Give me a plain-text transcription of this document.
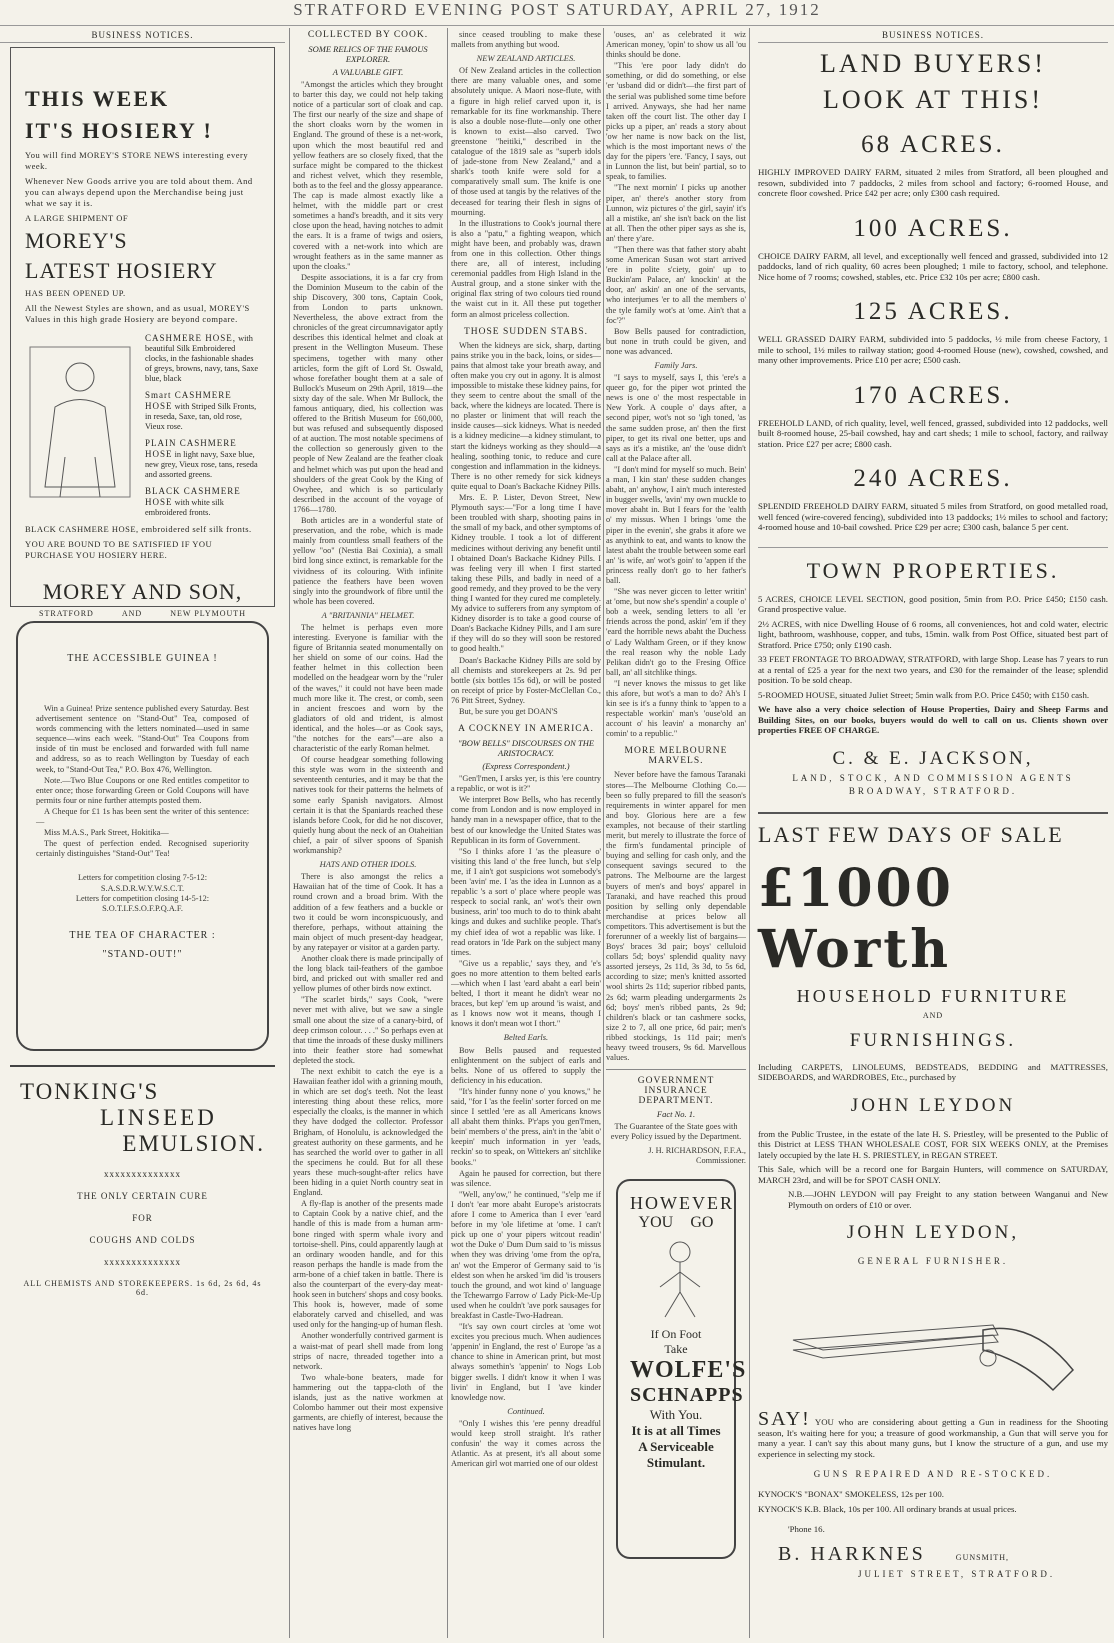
STRATFORD EVENING POST SATURDAY, APRIL 27, 1912
BUSINESS NOTICES.
THIS WEEK
IT'S HOSIERY !
You will find MOREY'S STORE NEWS interesting every week.
Whenever New Goods arrive you are told about them. And you can always depend upon the Merchandise being just what we say it is.
A LARGE SHIPMENT OF
MOREY'S
LATEST HOSIERY
HAS BEEN OPENED UP.
All the Newest Styles are shown, and as usual, MOREY'S Values in this high grade Hosiery are beyond compare.
CASHMERE HOSE, with beautiful Silk Embroidered clocks, in the fashionable shades of greys, browns, navy, tans, Saxe blue, black
Smart CASHMERE HOSE with Striped Silk Fronts, in reseda, Saxe, tan, old rose, Vieux rose.
PLAIN CASHMERE HOSE in light navy, Saxe blue, new grey, Vieux rose, tans, reseda and assorted greens.
BLACK CASHMERE HOSE with white silk embroidered fronts.
BLACK CASHMERE HOSE, embroidered self silk fronts.
YOU ARE BOUND TO BE SATISFIED IF YOU PURCHASE YOU HOSIERY HERE.
MOREY AND SON,
STRATFORD	AND	NEW PLYMOUTH
THE ACCESSIBLE GUINEA !

Win a Guinea! Prize sentence published every Saturday. Best advertisement sentence on "Stand-Out" Tea, composed of words commencing with the letters nominated—used in same sequence—wins each week. "Stand-Out" Tea Coupons from inside of tin must be enclosed and forwarded with full name and address, so as to reach Wellington by Tuesday of each week, to "Stand-Out Tea," P.O. Box 476, Wellington.

Note.—Two Blue Coupons or one Red entitles competitor to enter once; those forwarding Green or Gold Coupons will have permits four or nine further attempts posted them.

A Cheque for £1 1s has been sent the writer of this sentence:—

Miss M.A.S., Park Street, Hokitika—

The quest of perfection ended. Recognised superiority certainly distinguishes "Stand-Out" Tea!

Letters for competition closing 7-5-12: S.A.S.D.R.W.Y.W.S.C.T.
Letters for competition closing 14-5-12: S.O.T.I.F.S.O.F.P.Q.A.F.
THE TEA OF CHARACTER :
"STAND-OUT!"
TONKING'S
LINSEED
EMULSION.
xxxxxxxxxxxxxx
THE ONLY CERTAIN CURE
FOR
COUGHS AND COLDS
xxxxxxxxxxxxxx
ALL CHEMISTS AND STOREKEEPERS. 1s 6d, 2s 6d, 4s 6d.
COLLECTED BY COOK.
SOME RELICS OF THE FAMOUS EXPLORER.
A VALUABLE GIFT.

"Amongst the articles which they brought to barter this day, we could not help taking notice of a particular sort of cloak and cap. The first our nearly of the size and shape of the short cloaks worn by the women in England. The ground of these is a net-work, upon which the most beautiful red and yellow feathers are so closely fixed, that the surface might be compared to the thickest and richest velvet, which they resemble, both as to the feel and the glossy appearance. The cap is made almost exactly like a helmet, with the middle part or crest sometimes a hand's breadth, and it sits very close upon the head, having notches to admit the ears. It is a frame of twigs and osiers, covered with a net-work into which are wrought feathers as in the same manner as upon the cloaks."

Despite associations, it is a far cry from the Dominion Museum to the cabin of the ship Discovery, 300 tons, Captain Cook, from London to parts unknown. Nevertheless, the above extract from the chronicles of the great circumnavigator aptly describes this identical helmet and cloak at present in the Wellington Museum. These specimens, together with many other articles, form the gift of Lord St. Oswald, whose forefather bought them at a sale of Bullock's Museum on 29th April, 1819—the sixty day of the sale. When Mr Bullock, the famous antiquary, died, his collection was offered to the British Museum for £60,000, but was refused and subsequently disposed of at auction. The most notable specimens of the collection so generously given to the people of New Zealand are the feather cloak and helmet which was put upon the head and shoulders of the great Cook by the King of Owyhee, and which is so particularly described in the account of the voyage of 1766—1780.

Both articles are in a wonderful state of preservation, and the robe, which is made mainly from countless small feathers of the yellow "oo" (Nestia Bai Coxinia), a small bird long since extinct, is remarkable for the vividness of its colouring. With infinite patience the feathers have been woven singly into the groundwork of fibre until the whole has been covered.

A "BRITANNIA" HELMET.

The helmet is perhaps even more interesting. Everyone is familiar with the figure of Britannia seated monumentally on her shield on some of our coins. Had the feather helmet in this collection been modelled on the headgear worn by the "ruler of the waves," it could not have been made much more like it. The crest, or comb, seen in ancient frescoes and worn by the gladiators of old and trident, is almost identical, and the holes—or as Cook says, "the notches for the ears"—are also a characteristic of the early Roman helmet.

Of course headgear something following this style was worn in the sixteenth and seventeenth centuries, and it may be that the natives took for their patterns the helmets of some early Spanish navigators. Almost certain it is that the Spaniards reached these islands before Cook, for did he not discover, quietly hung about the neck of an Otaheitian chief, a pair of silver spoons of Spanish workmanship?

HATS AND OTHER IDOLS.

There is also amongst the relics a Hawaiian hat of the time of Cook. It has a round crown and a broad brim. With the addition of a few feathers and a buckle or two it could be worn inconspicuously, and therefore, perhaps, without attaining the main object of much present-day headgear, by any ratepayer or visitor at a garden party.

Another cloak there is made principally of the long black tail-feathers of the gamboe bird, and pricked out with smaller red and yellow plumes of other birds now extinct.

"The scarlet birds," says Cook, "were never met with alive, but we saw a single small one about the size of a canary-bird, of deep crimson colour. . . ." So perhaps even at that time the inroads of these dusky milliners into their feather store had somewhat depleted the stock.

The next exhibit to catch the eye is a Hawaiian feather idol with a grinning mouth, in which are set dog's teeth. Not the least interesting thing about these relics, more especially the cloaks, is the manner in which they have dodged the collector. Professor Brigham, of Honolulu, is acknowledged the greatest authority on these garments, and he has searched the world over to gather in all the specimens he could. But for all these years these much-sought-after relics have been hiding in a quiet North country seat in England.

A fly-flap is another of the presents made to Captain Cook by a native chief, and the handle of this is made from a human arm-bone ringed with sperm whale ivory and tortoise-shell. Pins, could apparently laugh at an ordinary wooden handle, and for this reason perhaps the handle is made from the arm-bone of a chief taken in battle. There is also the counterpart of the every-day meat-hook seen in butchers' shops and cosy books. This hook is, however, made of some elaborately carved and chiselled, and was used only for the hanging-up of human flesh.

Another wonderfully contrived garment is a waist-mat of pearl shell made from long strips of nacre, threaded together into a network.

Two whale-bone beaters, made for hammering out the tappa-cloth of the islands, just as the native workmen at Colombo hammer out their most expensive garments, are chiefly of interest, because the natives have long

since ceased troubling to make these mallets from anything but wood.

NEW ZEALAND ARTICLES.

Of New Zealand articles in the collection there are many valuable ones, and some absolutely unique. A Maori nose-flute, with a figure in high relief carved upon it, is remarkable for its fine workmanship. There is also a double nose-flute—only one other is known to exist—also carved. Two greenstone "heitiki," described in the catalogue of the 1819 sale as "superb idols of jade-stone from New Zealand," and a shark's tooth knife were sold for a comparatively small sum. The knife is one of those used at tangis by the relatives of the deceased for tearing their flesh in signs of mourning.

In the illustrations to Cook's journal there is also a "patu," a fighting weapon, which might have been, and probably was, drawn from one in this collection. Other things there are, all of interest, including ceremonial paddles from High Island in the Austral group, and a stone sinker with the original flax string of two colours tied round the waist cut in it. All these put together form an almost priceless collection.

THOSE SUDDEN STABS.

When the kidneys are sick, sharp, darting pains strike you in the back, loins, or sides—pains that almost take your breath away, and often make you cry out in agony. It is almost impossible to mistake these kidney pains, for they seem to centre about the small of the back, where the kidneys are located. There is no plaster or liniment that will reach the inside causes—sick kidneys. What is needed is a kidney medicine—a kidney stimulant, to start the kidneys working as they should—a healing, soothing tonic, to reduce and cure congestion and inflammation in the kidneys. There is no other remedy for sick kidneys quite equal to Doan's Backache Kidney Pills.

Mrs. E. P. Lister, Devon Street, New Plymouth says:—"For a long time I have been troubled with sharp, shooting pains in the small of my back, and other symptoms of Kidney trouble. I took a lot of different medicines without deriving any benefit until I obtained Doan's Backache Kidney Pills. I was feeling very ill when I first started taking these Pills, and badly in need of a good remedy, and they proved to be the very thing I wanted for they cured me completely. My advice to sufferers from any symptom of Kidney disorder is to take a good course of Doan's Backache Kidney Pills, and I am sure if they will do so they will soon be restored to good health."

Doan's Backache Kidney Pills are sold by all chemists and storekeepers at 2s. 9d per bottle (six bottles 15s 6d), or will be posted on receipt of price by Foster-McClellan Co., 76 Pitt Street, Sydney.

But, be sure you get DOAN'S

A COCKNEY IN AMERICA.
"BOW BELLS" DISCOURSES ON THE ARISTOCRACY.
(Express Correspondent.)

"Gen'l'men, I arsks yer, is this 'ere country a repablic, or wot is it?"

We interpret Bow Bells, who has recently come from London and is now employed in handy man in a newspaper office, that to the best of our knowledge the United States was Republican in its form of Government.

"So I thinks afore I 'as the pleasure o' visiting this land o' the free lunch, but s'elp me, if I ain't got suspicions wot somebody's been 'avin' me. I 'as the idea in Lunnon as a repablic 's a sort o' place where people was respeck to social rank, an' wot's their own business, arin' too much to do to think abaht kings and dukes and suchlike people. That's my chief idea of wot a repablic was like. I read orators in 'Ide Park on the subject many times.

"Give us a repablic,' says they, and 'e's goes no more attention to them belted earls—which when I last 'eard abaht a earl bein' belted, I thort it meant he didn't wear no braces, but kep' 'em up around 'is waist, and as I knows now wot it means, though I knows it don't mean wot I thort."

Belted Earls.

Bow Bells paused and requested enlightenment on the subject of earls and belts. None of us offered to supply the deficiency in his education.

"It's hinder funny none o' you knows," he said, "for I 'as the feelin' sorter forced on me since I settled 'ere as all Americans knows all abaht them thinks. P'r'aps you gen'l'men, bein' members o' the press, ain't in the 'abit o' keepin' much information in yer 'eads, reckin' so to speak, on Wittekers an' sitchlike books."

Again he paused for correction, but there was silence.

"Well, any'ow," he continued, "s'elp me if I don't 'ear more abaht Europe's aristocrats afore I come to America than I ever 'eard before in my 'ole lifetime at 'ome. I can't pick up one o' your pipers witcout readin' wot the Duke o' Dum Dum said to 'is missus when they was driving 'ome from the op'ra, an' wot the Emperor of Germany said to 'is eldest son when he arsked 'im did 'is trousers touch the ground, and wot kind o' language the Tchewarrgo Farrow o' Lady Pick-Me-Up used when he couldn't 'ave pork sausages for breakfast in Castle-Two-Hadrean.

"It's say own court circles at 'ome wot excites you precious much. When audiences 'appenin' in England, the rest o' Europe 'as a chance to shine in American print, but most always somethin's 'appenin' to Nogs Lob bigger swells. I didn't know it when I was livin' in England, but I 'ave kinder knowledge now.

Continued.

"Only I wishes this 'ere penny dreadful would keep stroll straight. It's rather confusin' the way it comes across the Atlantic. As at present, it's all about some American girl wot married one of our oldest

'ouses, an' as celebrated it wiz American money, 'opin' to show us all 'ou thinks should be done.

"This 'ere poor lady didn't do something, or did do something, or else 'er 'usband did or didn't—the first part of the serial was published some time before I arrived. Anyways, she had her name taken off the court list. The other day I picks up a piper, an' reads a story about 'ow her name is now back on the list, which is the most important news o' the day for the pipers 'ere. 'Fancy, I says, out in Lunnon the list, but bein' partial, so to speak, to families.

"The next mornin' I picks up another piper, an' there's another story from Lunnon, wiz pictures o' the girl, sayin' it's all a mistike, an' she isn't back on the list at all. Then the other piper says as she is, an' there y'are.

"Then there was that father story abaht some American Susan wot start arrived 'ere in polite s'ciety, goin' up to Buckin'am Palace, an' knockin' at the door, an' askin' an one of the servants, who interjumes 'er to all the members o' the tyle family wot's at 'ome. Ain't that a foc'?"

Bow Bells paused for contradiction, but none in truth could be given, and none was advanced.

Family Jars.

"I says to myself, says I, this 'ere's a queer go, for the piper wot printed the news is one o' the most respectable in New York. A couple o' days after, a second piper, wot's not so 'igh toned, 'as the same sudden prose, an' then the first piper, to get its rival one better, ups and says as it's a mistike, an' the 'ouse didn't call at the Palace after all.

"I don't mind for myself so much. Bein' a man, I kin stan' these sudden changes abaht, an' anyhow, I ain't much interested in bugger swells, 'avin' my own muckle to mover abaht in. But I fears for the 'ealth o' my missus. When I brings 'ome the piper in the evenin', she grabs it afore we as anythink to eat, and wants to know the latest abaht the trouble between some earl an' 'is wife, an' wot's goin' to 'appen if the princess really don't go to her father's ball.

"She was never giccen to letter writin' at 'ome, but now she's spendin' a couple o' bob a week, sending letters to all 'er friends across the pond, askin' 'em if they 'eard the horrible news abaht the Duchess o' Lady Waltham Green, or if they know the real reason why the noble Lady Pelikan didn't go to the Fresing Office ball, an' all sitchlike things.

"I never knows the missus to get like this afore, but wot's a man to do? Ah's I kin see is it's a funny think to 'appen to a respectable workin' man's 'ouse'old an account o' his leavin' a monarchy an' comin' to a republic."

MORE MELBOURNE MARVELS.

Never before have the famous Taranaki stores—The Melbourne Clothing Co.—been so fully prepared to fill the season's requirements in winter apparel for men and boy. Glorious here are a few examples, not because of their startling merit, but merely to illustrate the force of the firm's fundamental principle of buying and selling for cash only, and the consequent savings secured to the patrons. The Melbourne are the largest buyers of men's and boys' apparel in Taranaki, and have reached this proud position by selling only dependable merchandise at prices below all competitors. This advertisement is but the forerunner of a weekly list of bargains—Boys' braces 3d pair; boys' celluloid collars 5d; boys' splendid quality navy assorted jerseys, 2s 11d, 3s 3d, to 5s 6d, according to size; men's knitted assorted wool shirts 2s 11d; superior ribbed pants, 2s 6d; warm pleading undergarments 2s 6d; boys' men's ribbed pants, 2s 9d; children's black or tan cashmere socks, size 2 to 7, all one price, 6d pair; men's ribbed stockings, 1s 11d pair; men's heavy tweed trousers, 9s 6d. Marvellous values.

GOVERNMENT INSURANCE DEPARTMENT.
Fact No. 1.
The Guarantee of the State goes with every Policy issued by the Department.
J. H. RICHARDSON, F.F.A.,
Commissioner.
HOWEVER
YOU GO
If On Foot
Take
WOLFE'S
SCHNAPPS
With You.
It is at all Times
A Serviceable
Stimulant.
BUSINESS NOTICES.
LAND BUYERS!
LOOK AT THIS!
68 ACRES.
HIGHLY IMPROVED DAIRY FARM, situated 2 miles from Stratford, all been ploughed and resown, subdivided into 7 paddocks, 2 miles from school and factory; 6-roomed House, and concrete floor cowshed. Price £42 per acre; only £300 cash required.
100 ACRES.
CHOICE DAIRY FARM, all level, and exceptionally well fenced and grassed, subdivided into 12 paddocks, land of rich quality, 60 acres been ploughed; 1 mile to factory, school, and telephone. Nice home of 7 rooms; cowshed, stables, etc. Price £32 10s per acre; £800 cash.
125 ACRES.
WELL GRASSED DAIRY FARM, subdivided into 5 paddocks, ½ mile from cheese Factory, 1 mile to school, 1½ miles to railway station; good 4-roomed House (new), cowshed, cowshed, and many other improvements. Price £10 per acre; £500 cash.
170 ACRES.
FREEHOLD LAND, of rich quality, level, well fenced, grassed, subdivided into 12 paddocks, well built 8-roomed house, 25-bail cowshed, hay and cart sheds; 1 mile to school, factory, and railway station. Price £27 per acre; £800 cash.
240 ACRES.
SPLENDID FREEHOLD DAIRY FARM, situated 5 miles from Stratford, on good metalled road, well fenced (wire-covered fencing), subdivided into 13 paddocks; 1½ miles to school and factory; 4-roomed house and 10-bail cowshed. Price £29 per acre; £300 cash, balance 5 per cent.
TOWN PROPERTIES.
5 ACRES, CHOICE LEVEL SECTION, good position, 5min from P.O. Price £450; £150 cash. Grand prospective value.
2½ ACRES, with nice Dwelling House of 6 rooms, all conveniences, hot and cold water, electric light, bathroom, washhouse, copper, and tubs, 15min. walk from Post Office, situated best part of Stratford. Price £750; only £190 cash.
33 FEET FRONTAGE TO BROADWAY, STRATFORD, with large Shop. Lease has 7 years to run at a rental of £25 a year for the next two years, and £30 for the remainder of the lease; splendid position. To be sold cheap.
5-ROOMED HOUSE, situated Juliet Street; 5min walk from P.O. Price £450; with £150 cash.
We have also a very choice selection of House Properties, Dairy and Sheep Farms and Building Sites, on our books, buyers would do well to call on us. Clients shown over properties FREE OF CHARGE.
C. & E. JACKSON,
LAND, STOCK, AND COMMISSION AGENTS
BROADWAY, STRATFORD.
LAST FEW DAYS OF SALE
£1000 Worth
HOUSEHOLD FURNITURE
AND
FURNISHINGS.
Including CARPETS, LINOLEUMS, BEDSTEADS, BEDDING and MATTRESSES, SIDEBOARDS, and WARDROBES, Etc., purchased by
JOHN LEYDON
from the Public Trustee, in the estate of the late H. S. Priestley, will be presented to the Public of this District at LESS THAN WHOLESALE COST, FOR SIX WEEKS ONLY, at the Premises lately occupied by the late H. S. PRIESTLEY, in REGAN STREET.
This Sale, which will be a record one for Bargain Hunters, will commence on SATURDAY, MARCH 23rd, and will be for SPOT CASH ONLY.
N.B.—JOHN LEYDON will pay Freight to any station between Wanganui and New Plymouth on orders of £10 or over.
JOHN LEYDON,
GENERAL FURNISHER.
SAY! YOU who are considering about getting a Gun in readiness for the Shooting season, It's waiting here for you; a treasure of good workmanship, a Gun that will serve you for many a year. I can't say this about many guns, but I know the structure of a gun, and use my experience in selecting my stock.
GUNS REPAIRED AND RE-STOCKED.
KYNOCK'S "BONAX" SMOKELESS, 12s per 100.
KYNOCK'S K.B. Black, 10s per 100. All ordinary brands at usual prices.
'Phone 16.
B. HARKNES	GUNSMITH,
JULIET STREET, STRATFORD.
